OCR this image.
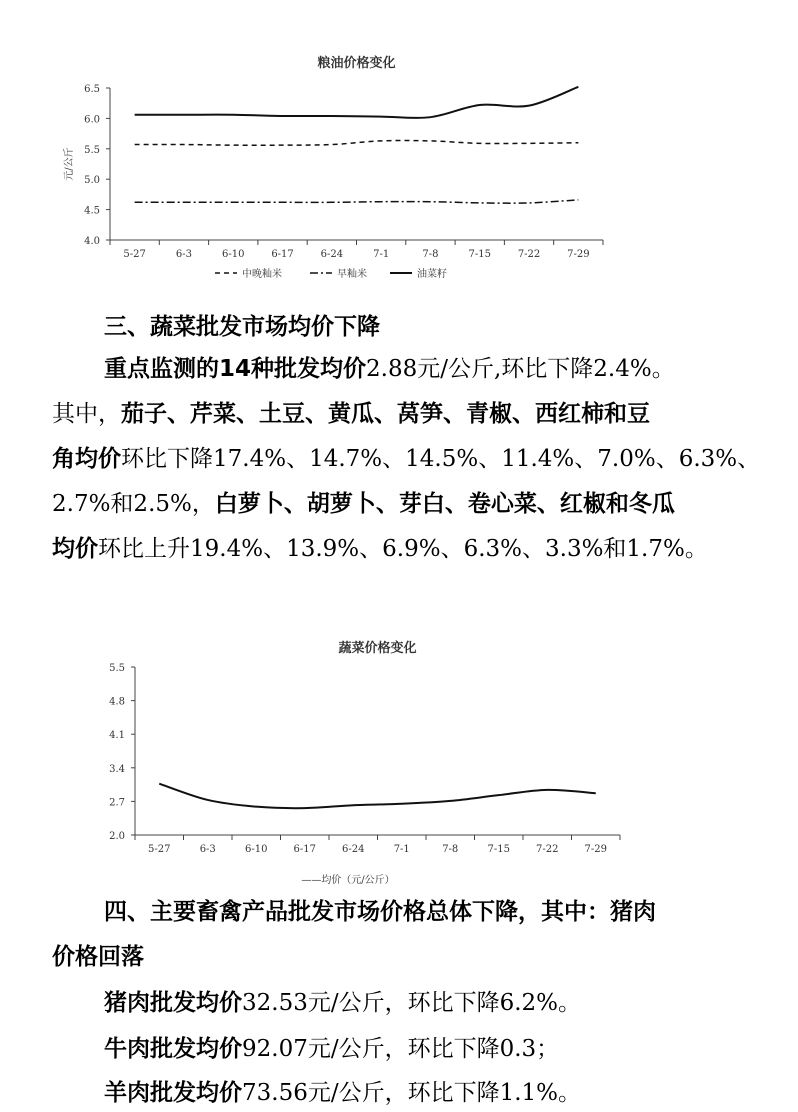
粮油价格变化
4.0
4.5
5.0
5.5
6.0
6.5
5-27	6-3	6-10	6-17	6-24	7-1	7-8	7-15	7-22	7-29
元/公斤
中晚籼米	早籼米	油菜籽
三、蔬菜批发市场均价下降
重点监测的14种批发均价2.88元/公斤,环比下降2.4%。
其中，茄子、芹菜、土豆、黄瓜、莴笋、青椒、西红柿和豆
角均价环比下降17.4%、14.7%、14.5%、11.4%、7.0%、6.3%、
2.7%和2.5%，白萝卜、胡萝卜、芽白、卷心菜、红椒和冬瓜
均价环比上升19.4%、13.9%、6.9%、6.3%、3.3%和1.7%。
蔬菜价格变化
2.0
2.7
3.4
4.1
4.8
5.5
5-27	6-3	6-10	6-17	6-24	7-1	7-8	7-15	7-22	7-29
——均价（元/公斤）
四、主要畜禽产品批发市场价格总体下降，其中：猪肉
价格回落
猪肉批发均价32.53元/公斤，环比下降6.2%。
牛肉批发均价92.07元/公斤，环比下降0.3；
羊肉批发均价73.56元/公斤，环比下降1.1%。
